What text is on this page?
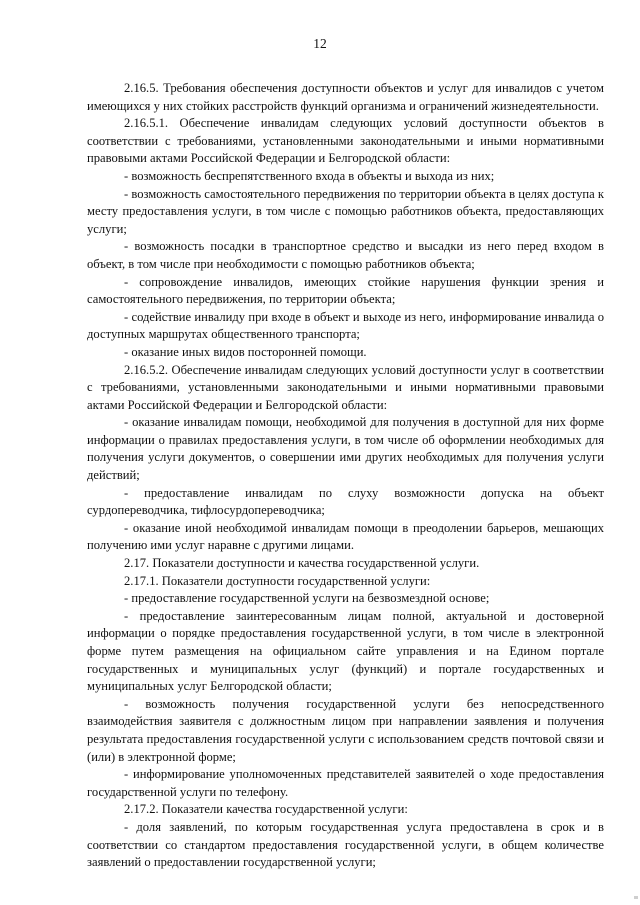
12

2.16.5. Требования обеспечения доступности объектов и услуг для инвалидов с учетом имеющихся у них стойких расстройств функций организма и ограничений жизнедеятельности.

2.16.5.1. Обеспечение инвалидам следующих условий доступности объектов в соответствии с требованиями, установленными законодательными и иными нормативными правовыми актами Российской Федерации и Белгородской области:

- возможность беспрепятственного входа в объекты и выхода из них;

- возможность самостоятельного передвижения по территории объекта в целях доступа к месту предоставления услуги, в том числе с помощью работников объекта, предоставляющих услуги;

- возможность посадки в транспортное средство и высадки из него перед входом в объект, в том числе при необходимости с помощью работников объекта;

- сопровождение инвалидов, имеющих стойкие нарушения функции зрения и самостоятельного передвижения, по территории объекта;

- содействие инвалиду при входе в объект и выходе из него, информирование инвалида о доступных маршрутах общественного транспорта;

- оказание иных видов посторонней помощи.

2.16.5.2. Обеспечение инвалидам следующих условий доступности услуг в соответствии с требованиями, установленными законодательными и иными нормативными правовыми актами Российской Федерации и Белгородской области:

- оказание инвалидам помощи, необходимой для получения в доступной для них форме информации о правилах предоставления услуги, в том числе об оформлении необходимых для получения услуги документов, о совершении ими других необходимых для получения услуги действий;

- предоставление инвалидам по слуху возможности допуска на объект сурдопереводчика, тифлосурдопереводчика;

- оказание иной необходимой инвалидам помощи в преодолении барьеров, мешающих получению ими услуг наравне с другими лицами.

2.17. Показатели доступности и качества государственной услуги.

2.17.1. Показатели доступности государственной услуги:

- предоставление государственной услуги на безвозмездной основе;

- предоставление заинтересованным лицам полной, актуальной и достоверной информации о порядке предоставления государственной услуги, в том числе в электронной форме путем размещения на официальном сайте управления и на Едином портале государственных и муниципальных услуг (функций) и портале государственных и муниципальных услуг Белгородской области;

- возможность получения государственной услуги без непосредственного взаимодействия заявителя с должностным лицом при направлении заявления и получения результата предоставления государственной услуги с использованием средств почтовой связи и (или) в электронной форме;

- информирование уполномоченных представителей заявителей о ходе предоставления государственной услуги по телефону.

2.17.2. Показатели качества государственной услуги:

- доля заявлений, по которым государственная услуга предоставлена в срок и в соответствии со стандартом предоставления государственной услуги, в общем количестве заявлений о предоставлении государственной услуги;
